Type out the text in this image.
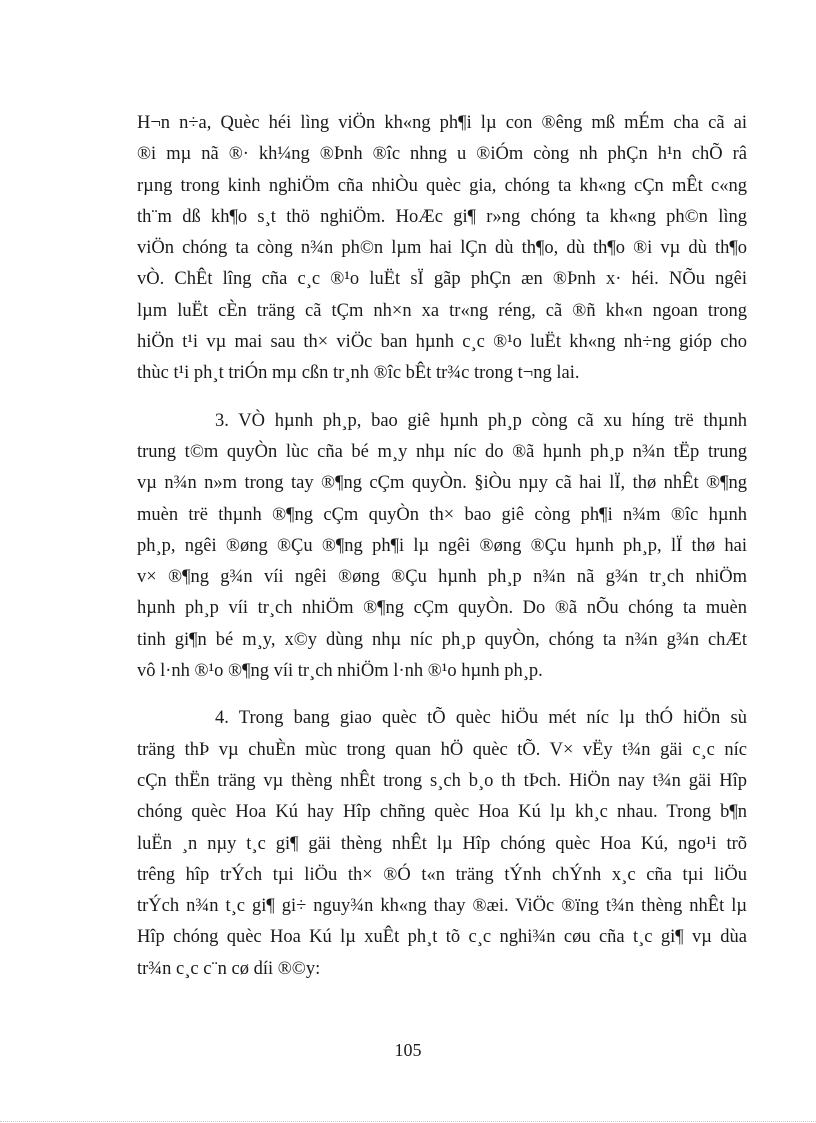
H¬n n÷a, Quèc héi lìng viÖn kh«ng ph¶i lµ con ®êng mß mÉm cha cã ai
®i mµ nã ®· kh¼ng ®Þnh ®îc nhng u ®iÓm còng nh phÇn h¹n chÕ râ
rµng trong kinh nghiÖm cña nhiÒu quèc gia, chóng ta kh«ng cÇn mÊt c«ng
th¨m dß kh¶o s¸t thö nghiÖm. HoÆc gi¶ r»ng chóng ta kh«ng ph©n lìng
viÖn chóng ta còng n¾n ph©n lµm hai lÇn dù th¶o, dù th¶o ®i vµ dù th¶o
vÒ. ChÊt lîng cña c¸c ®¹o luËt sÏ gãp phÇn æn ®Þnh x· héi. NÕu ngêi
lµm luËt cÈn träng cã tÇm nh×n xa tr«ng réng, cã ®ñ kh«n ngoan trong
hiÖn t¹i vµ mai sau th× viÖc ban hµnh c¸c ®¹o luËt kh«ng nh÷ng gióp cho
thùc t¹i ph¸t triÓn mµ cßn tr¸nh ®îc bÊt tr¾c trong t¬ng lai.
3. VÒ hµnh ph¸p, bao giê hµnh ph¸p còng cã xu híng trë thµnh
trung t©m quyÒn lùc cña bé m¸y nhµ níc do ®ã hµnh ph¸p n¾n tËp trung
vµ n¾n n»m trong tay ®¶ng cÇm quyÒn. §iÒu nµy cã hai lÏ, thø nhÊt ®¶ng
muèn trë thµnh ®¶ng cÇm quyÒn th× bao giê còng ph¶i n¾m ®îc hµnh
ph¸p, ngêi ®øng ®Çu ®¶ng ph¶i lµ ngêi ®øng ®Çu hµnh ph¸p, lÏ thø hai
v× ®¶ng g¾n víi ngêi ®øng ®Çu hµnh ph¸p n¾n nã g¾n tr¸ch nhiÖm
hµnh ph¸p víi tr¸ch nhiÖm ®¶ng cÇm quyÒn. Do ®ã nÕu chóng ta muèn
tinh gi¶n bé m¸y, x©y dùng nhµ níc ph¸p quyÒn, chóng ta n¾n g¾n chÆt
vô l·nh ®¹o ®¶ng víi tr¸ch nhiÖm l·nh ®¹o hµnh ph¸p.
4. Trong bang giao quèc tÕ quèc hiÖu mét níc lµ thÓ hiÖn sù
träng thÞ vµ chuÈn mùc trong quan hÖ quèc tÕ. V× vËy t¾n gäi c¸c níc
cÇn thËn träng vµ thèng nhÊt trong s¸ch b¸o th tÞch. HiÖn nay t¾n gäi Hîp
chóng quèc Hoa Kú hay Hîp chñng quèc Hoa Kú lµ kh¸c nhau. Trong b¶n
luËn ¸n nµy t¸c gi¶ gäi thèng nhÊt lµ Hîp chóng quèc Hoa Kú, ngo¹i trõ
trêng hîp trÝch tµi liÖu th× ®Ó t«n träng tÝnh chÝnh x¸c cña tµi liÖu
trÝch n¾n t¸c gi¶ gi÷ nguy¾n kh«ng thay ®æi. ViÖc ®ïng t¾n thèng nhÊt lµ
Hîp chóng quèc Hoa Kú lµ xuÊt ph¸t tõ c¸c nghi¾n cøu cña t¸c gi¶ vµ dùa
tr¾n c¸c c¨n cø díi ®©y:
105
